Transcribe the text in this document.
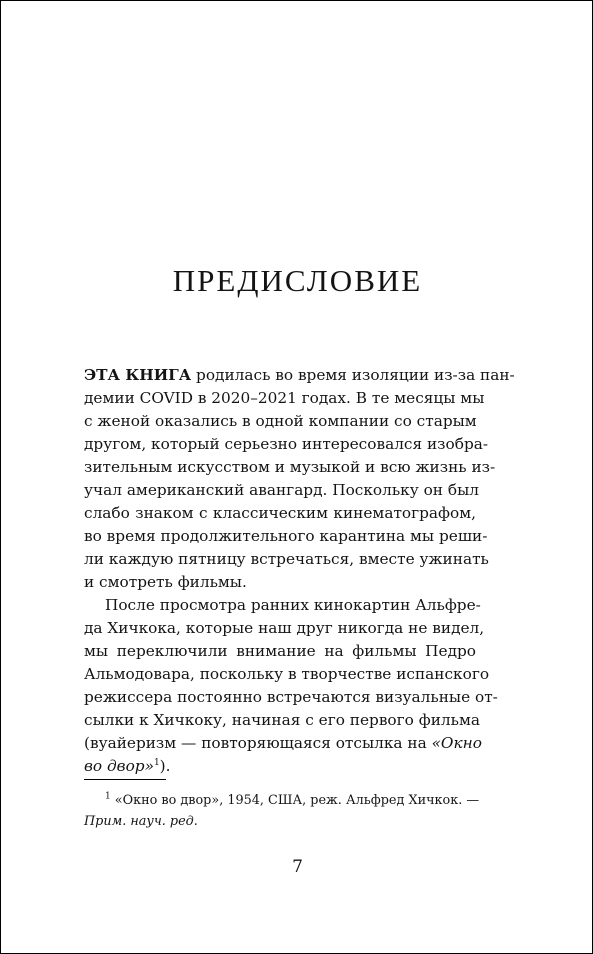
ПРЕДИСЛОВИЕ
ЭТА КНИГА родилась во время изоляции из-за пан-
демии COVID в 2020–2021 годах. В те месяцы мы
с женой оказались в одной компании со старым
другом, который серьезно интересовался изобра-
зительным искусством и музыкой и всю жизнь из-
учал американский авангард. Поскольку он был
слабо знаком с классическим кинематографом,
во время продолжительного карантина мы реши-
ли каждую пятницу встречаться, вместе ужинать
и смотреть фильмы.
После просмотра ранних кинокартин Альфре-
да Хичкока, которые наш друг никогда не видел,
мы переключили внимание на фильмы Педро
Альмодовара, поскольку в творчестве испанского
режиссера постоянно встречаются визуальные от-
сылки к Хичкоку, начиная с его первого фильма
(вуайеризм — повторяющаяся отсылка на «Окно
во двор»$^1$).
$^1$ «Окно во двор», 1954, США, реж. Альфред Хичкок. —
Прим. науч. ред.
7
